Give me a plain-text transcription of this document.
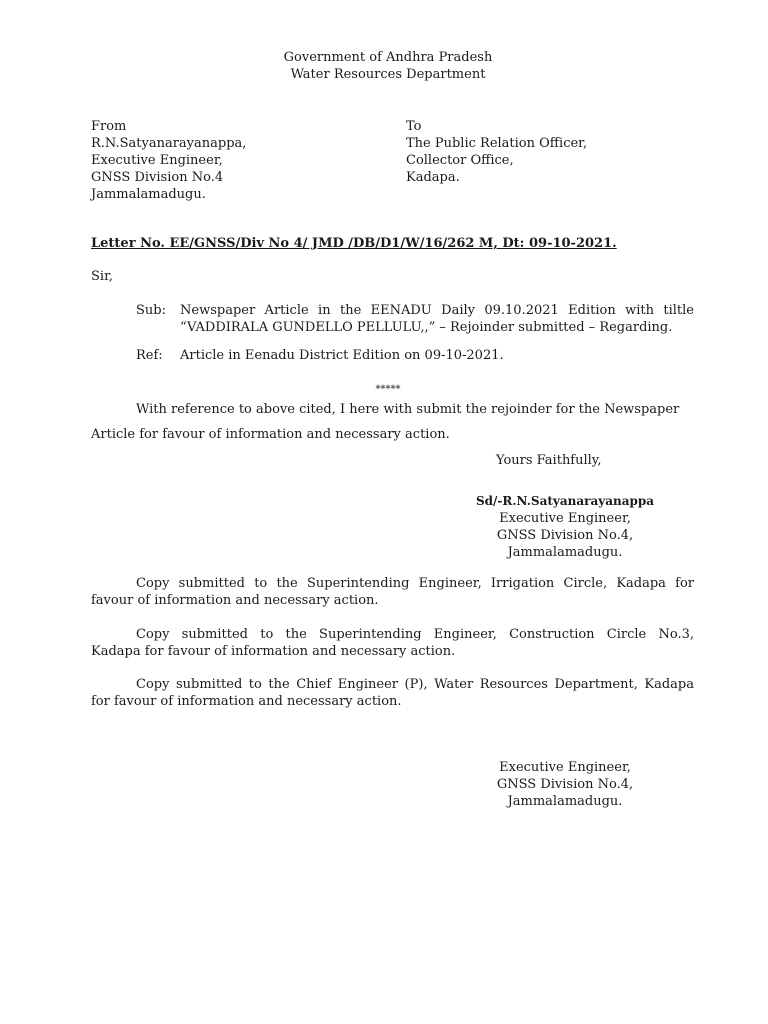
Government of Andhra Pradesh
Water Resources Department
From
R.N.Satyanarayanappa,
Executive Engineer,
GNSS Division No.4
Jammalamadugu.
To
The Public Relation Officer,
Collector Office,
Kadapa.
Letter No. EE/GNSS/Div No 4/ JMD /DB/D1/W/16/262 M, Dt: 09-10-2021.
Sir,
Sub: Newspaper Article in the EENADU Daily 09.10.2021 Edition with tiltle
“VADDIRALA GUNDELLO PELLULU,,” – Rejoinder submitted – Regarding.
Ref: Article in Eenadu District Edition on 09-10-2021.
*****
With reference to above cited, I here with submit the rejoinder for the Newspaper
Article for favour of information and necessary action.
Yours Faithfully,
Sd/-R.N.Satyanarayanappa
Executive Engineer,
GNSS Division No.4,
Jammalamadugu.
Copy submitted to the Superintending Engineer, Irrigation Circle, Kadapa for
favour of information and necessary action.
Copy submitted to the Superintending Engineer, Construction Circle No.3,
Kadapa for favour of information and necessary action.
Copy submitted to the Chief Engineer (P), Water Resources Department, Kadapa
for favour of information and necessary action.
Executive Engineer,
GNSS Division No.4,
Jammalamadugu.
